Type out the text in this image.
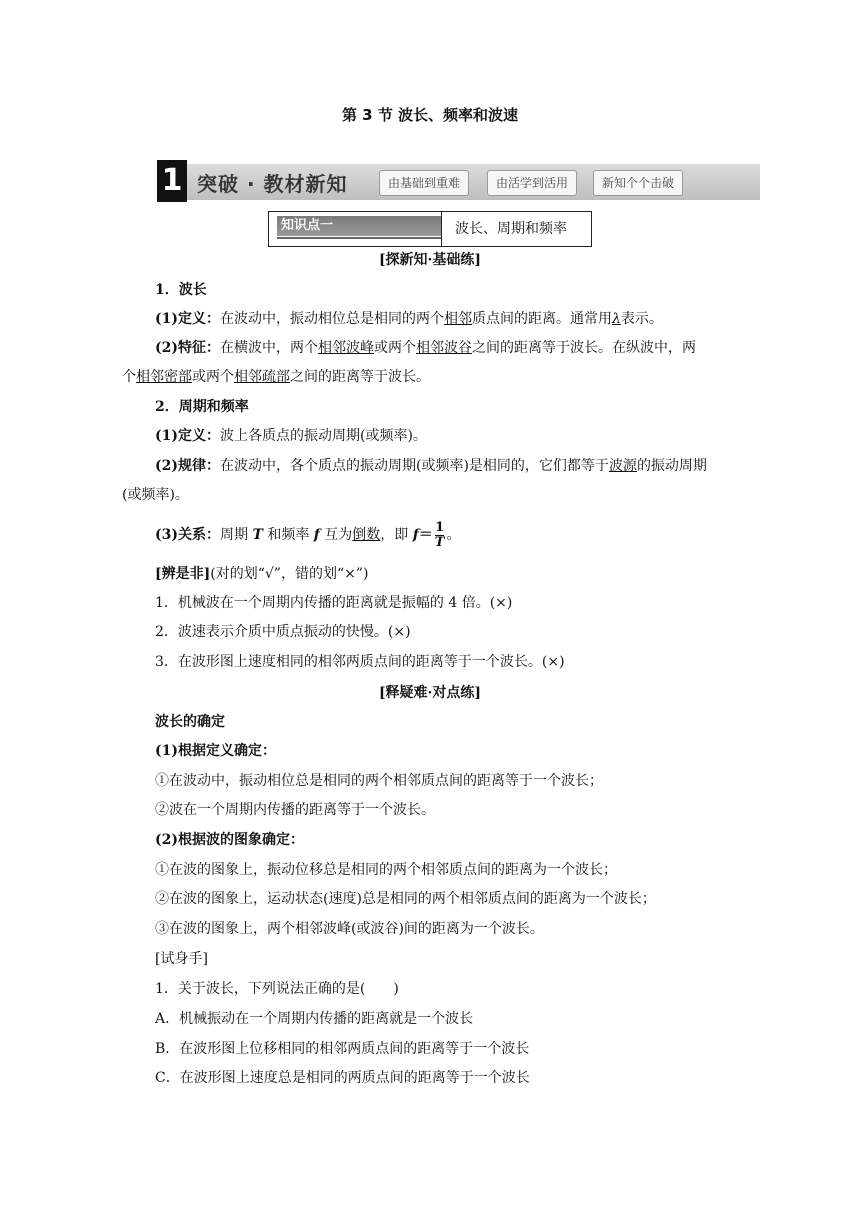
第 3 节 波长、频率和波速
1 突破 · 教材新知	由基础到重难	由活学到活用	新知个个击破
知识点一	波长、周期和频率
[探新知·基础练]
1．波长
(1)定义：在波动中，振动相位总是相同的两个相邻质点间的距离。通常用λ表示。
(2)特征：在横波中，两个相邻波峰或两个相邻波谷之间的距离等于波长。在纵波中，两
个相邻密部或两个相邻疏部之间的距离等于波长。
2．周期和频率
(1)定义：波上各质点的振动周期(或频率)。
(2)规律：在波动中，各个质点的振动周期(或频率)是相同的，它们都等于波源的振动周期
(或频率)。
(3)关系：周期 T 和频率 f 互为倒数，即 $f= \frac{1}{T}$ 。
[辨是非](对的划“√”，错的划“×”)
1．机械波在一个周期内传播的距离就是振幅的 4 倍。(×)
2．波速表示介质中质点振动的快慢。(×)
3．在波形图上速度相同的相邻两质点间的距离等于一个波长。(×)
[释疑难·对点练]
波长的确定
(1)根据定义确定：
①在波动中，振动相位总是相同的两个相邻质点间的距离等于一个波长；
②波在一个周期内传播的距离等于一个波长。
(2)根据波的图象确定：
①在波的图象上，振动位移总是相同的两个相邻质点间的距离为一个波长；
②在波的图象上，运动状态(速度)总是相同的两个相邻质点间的距离为一个波长；
③在波的图象上，两个相邻波峰(或波谷)间的距离为一个波长。
[试身手]
1．关于波长，下列说法正确的是(　　)
A．机械振动在一个周期内传播的距离就是一个波长
B．在波形图上位移相同的相邻两质点间的距离等于一个波长
C．在波形图上速度总是相同的两质点间的距离等于一个波长
